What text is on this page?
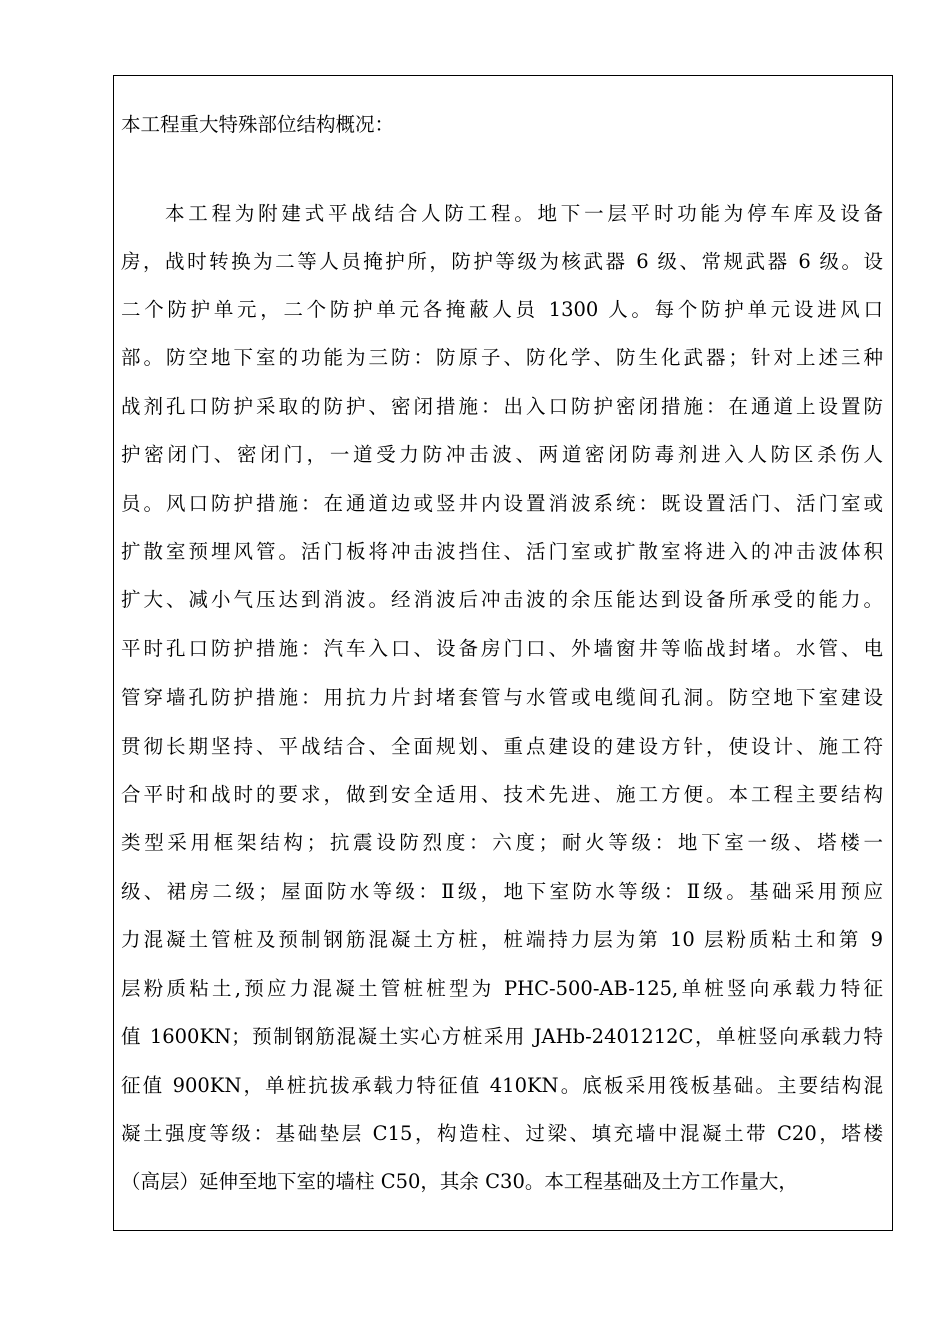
本工程重大特殊部位结构概况：
本工程为附建式平战结合人防工程。地下一层平时功能为停车库及设备
房，战时转换为二等人员掩护所，防护等级为核武器 6 级、常规武器 6 级。设
二个防护单元，二个防护单元各掩蔽人员 1300 人。每个防护单元设进风口
部。防空地下室的功能为三防：防原子、防化学、防生化武器；针对上述三种
战剂孔口防护采取的防护、密闭措施：出入口防护密闭措施：在通道上设置防
护密闭门、密闭门，一道受力防冲击波、两道密闭防毒剂进入人防区杀伤人
员。风口防护措施：在通道边或竖井内设置消波系统：既设置活门、活门室或
扩散室预埋风管。活门板将冲击波挡住、活门室或扩散室将进入的冲击波体积
扩大、减小气压达到消波。经消波后冲击波的余压能达到设备所承受的能力。
平时孔口防护措施：汽车入口、设备房门口、外墙窗井等临战封堵。水管、电
管穿墙孔防护措施：用抗力片封堵套管与水管或电缆间孔洞。防空地下室建设
贯彻长期坚持、平战结合、全面规划、重点建设的建设方针，使设计、施工符
合平时和战时的要求，做到安全适用、技术先进、施工方便。本工程主要结构
类型采用框架结构；抗震设防烈度：六度；耐火等级：地下室一级、塔楼一
级、裙房二级；屋面防水等级：Ⅱ级，地下室防水等级：Ⅱ级。基础采用预应
力混凝土管桩及预制钢筋混凝土方桩，桩端持力层为第 10 层粉质粘土和第 9
层粉质粘土,预应力混凝土管桩桩型为 PHC-500-AB-125,单桩竖向承载力特征
值 1600KN；预制钢筋混凝土实心方桩采用 JAHb-2401212C，单桩竖向承载力特
征值 900KN，单桩抗拔承载力特征值 410KN。底板采用筏板基础。主要结构混
凝土强度等级：基础垫层 C15，构造柱、过梁、填充墙中混凝土带 C20，塔楼
（高层）延伸至地下室的墙柱 C50，其余 C30。本工程基础及土方工作量大，
